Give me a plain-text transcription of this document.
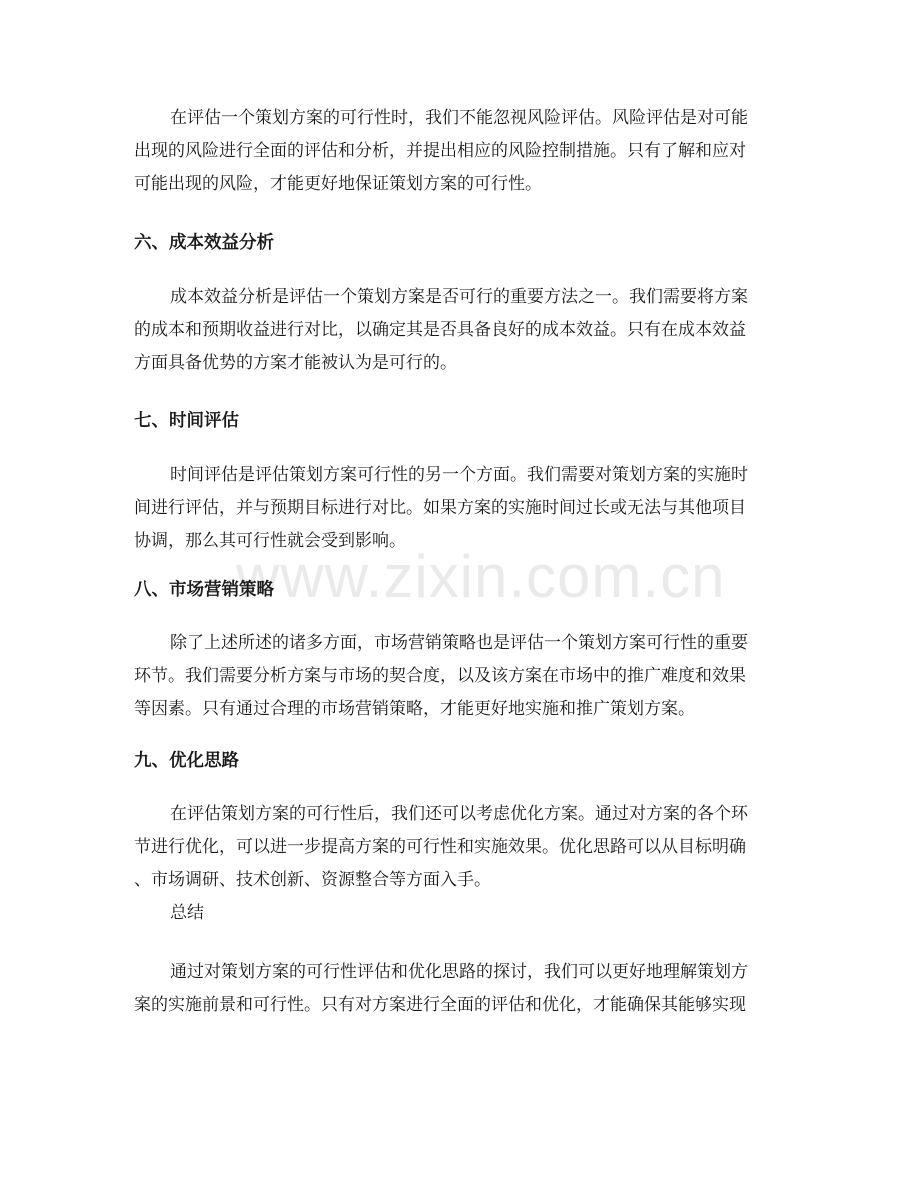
www.zixin.com.cn
在评估一个策划方案的可行性时，我们不能忽视风险评估。风险评估是对可能
出现的风险进行全面的评估和分析，并提出相应的风险控制措施。只有了解和应对
可能出现的风险，才能更好地保证策划方案的可行性。
六、成本效益分析
成本效益分析是评估一个策划方案是否可行的重要方法之一。我们需要将方案
的成本和预期收益进行对比，以确定其是否具备良好的成本效益。只有在成本效益
方面具备优势的方案才能被认为是可行的。
七、时间评估
时间评估是评估策划方案可行性的另一个方面。我们需要对策划方案的实施时
间进行评估，并与预期目标进行对比。如果方案的实施时间过长或无法与其他项目
协调，那么其可行性就会受到影响。
八、市场营销策略
除了上述所述的诸多方面，市场营销策略也是评估一个策划方案可行性的重要
环节。我们需要分析方案与市场的契合度，以及该方案在市场中的推广难度和效果
等因素。只有通过合理的市场营销策略，才能更好地实施和推广策划方案。
九、优化思路
在评估策划方案的可行性后，我们还可以考虑优化方案。通过对方案的各个环
节进行优化，可以进一步提高方案的可行性和实施效果。优化思路可以从目标明确
、市场调研、技术创新、资源整合等方面入手。
总结
通过对策划方案的可行性评估和优化思路的探讨，我们可以更好地理解策划方
案的实施前景和可行性。只有对方案进行全面的评估和优化，才能确保其能够实现
